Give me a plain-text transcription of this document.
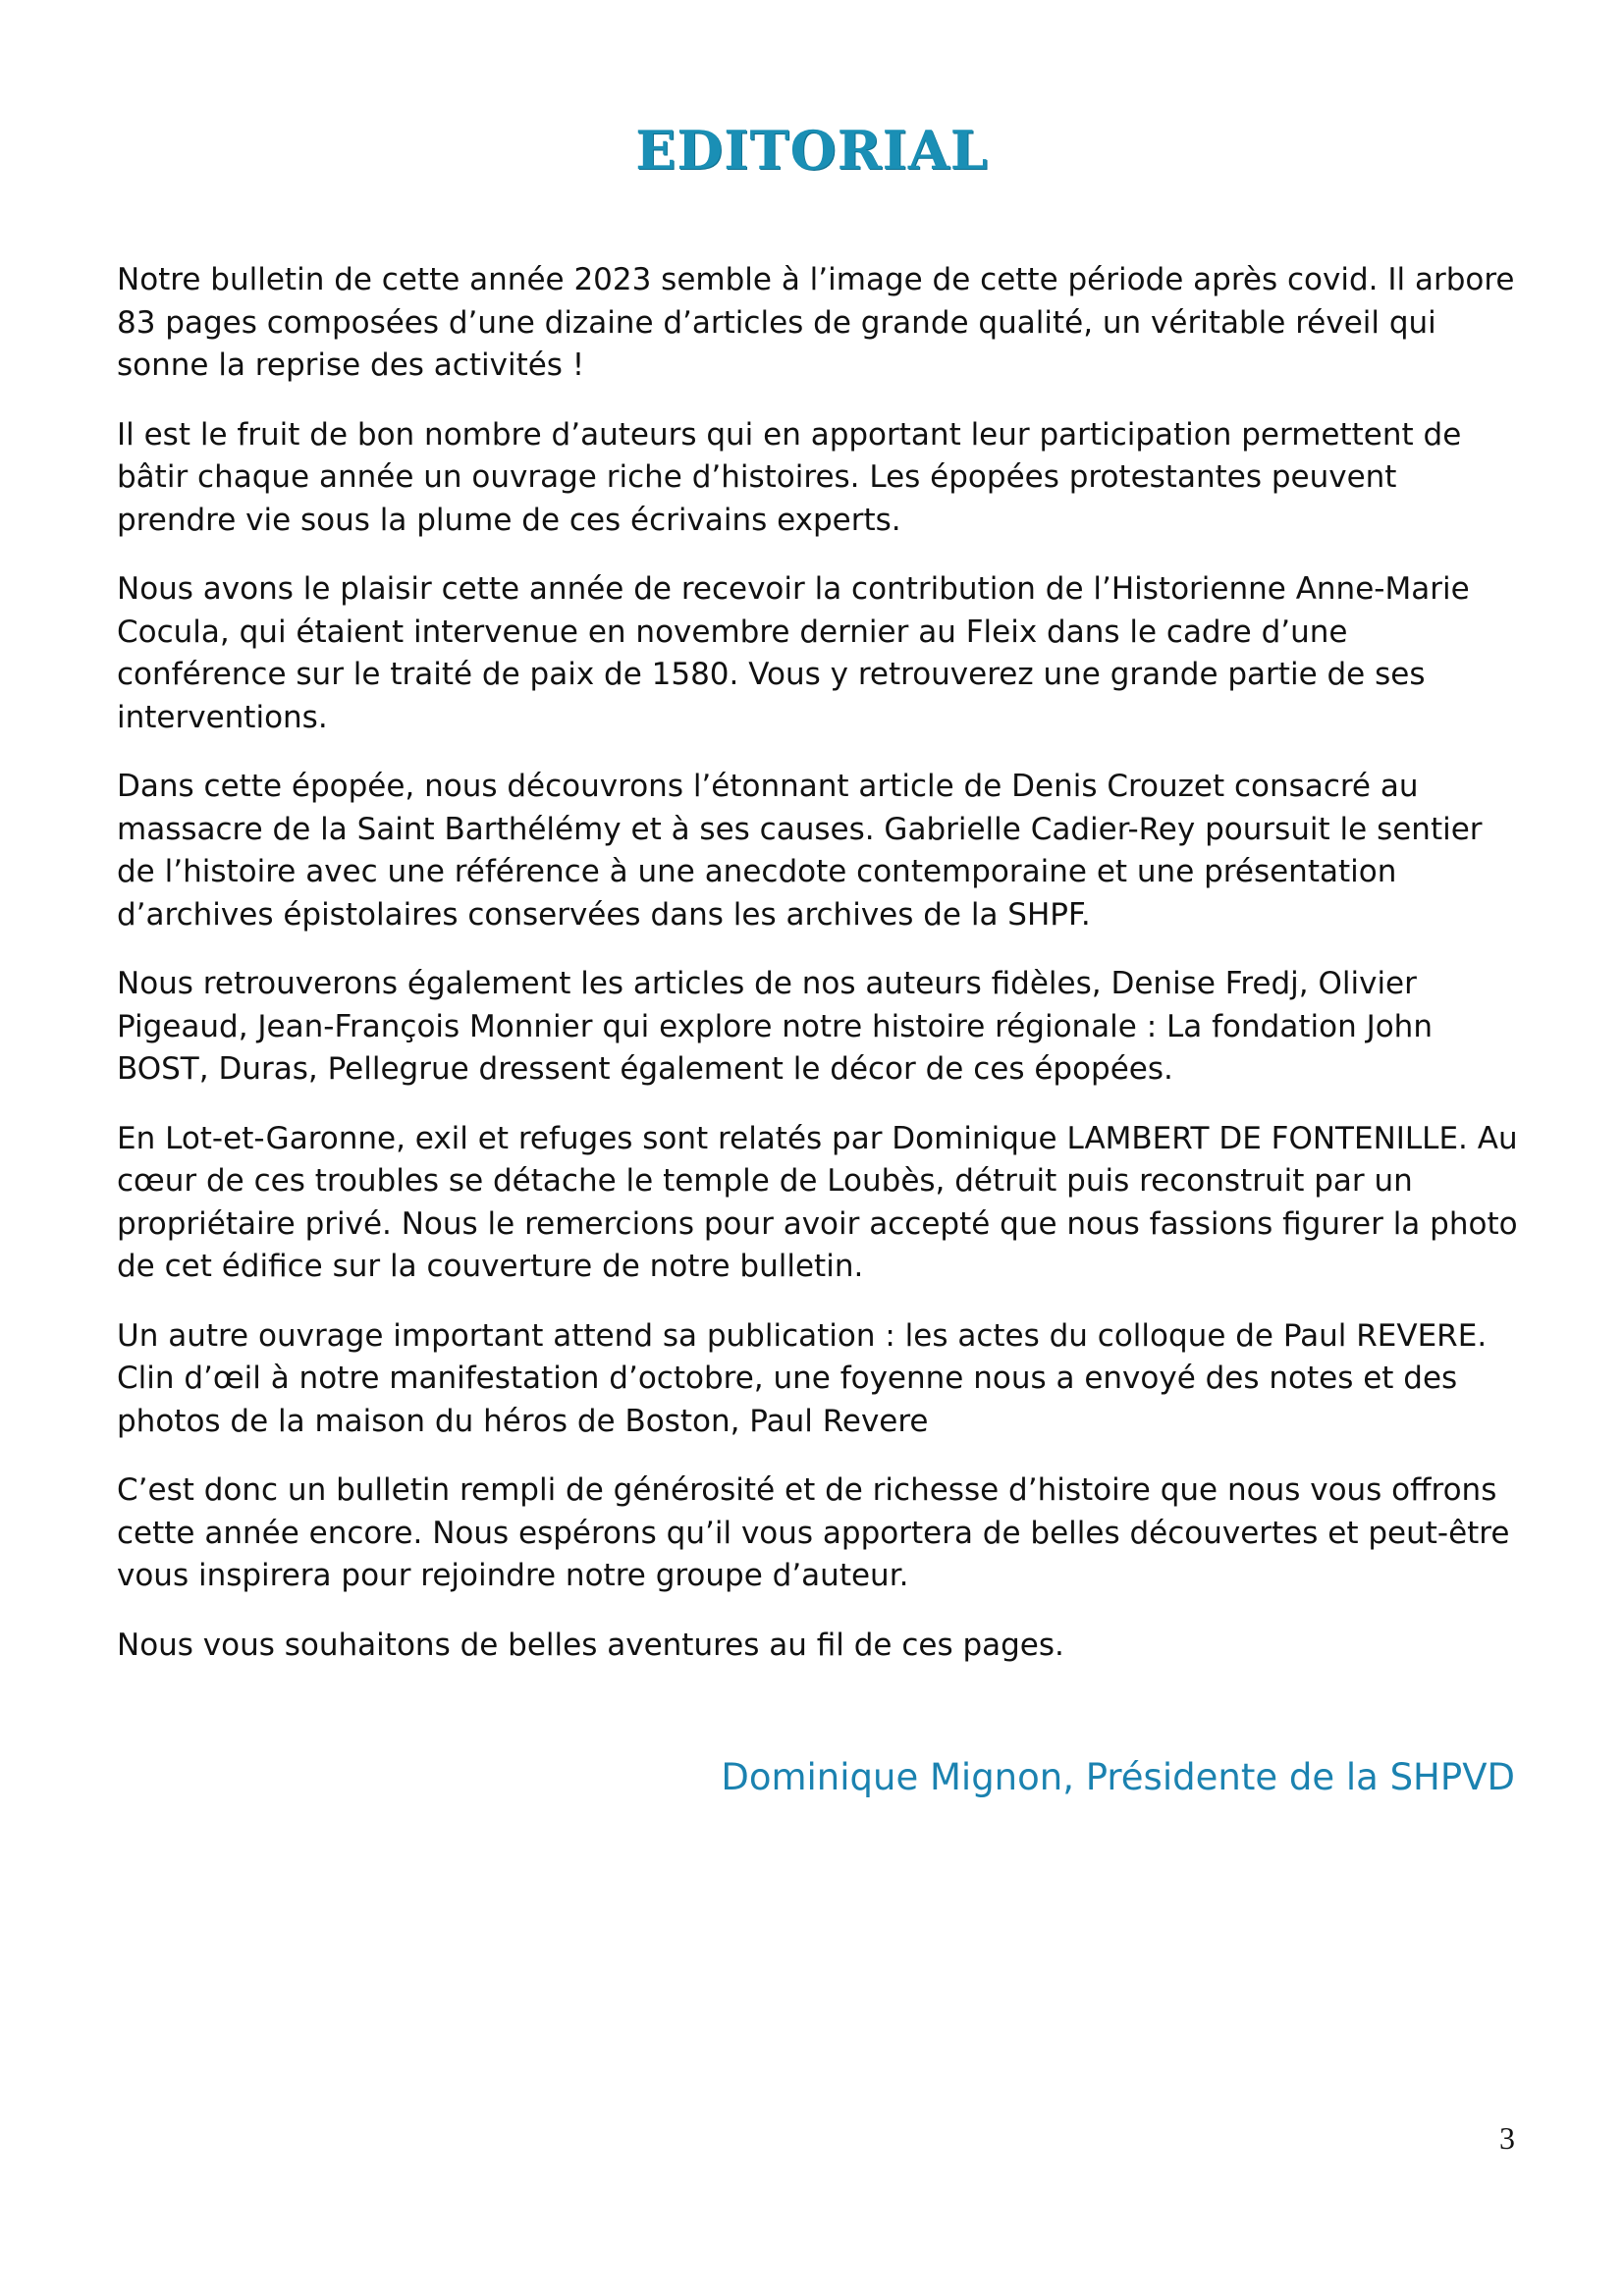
EDITORIAL

Notre bulletin de cette année 2023 semble à l’image de cette période après covid. Il arbore 83 pages composées d’une dizaine d’articles de grande qualité, un véritable réveil qui sonne la reprise des activités !

Il est le fruit de bon nombre d’auteurs qui en apportant leur participation permettent de bâtir chaque année un ouvrage riche d’histoires. Les épopées protestantes peuvent prendre vie sous la plume de ces écrivains experts.

Nous avons le plaisir cette année de recevoir la contribution de l’Historienne Anne-Marie Cocula, qui étaient intervenue en novembre dernier au Fleix dans le cadre d’une conférence sur le traité de paix de 1580. Vous y retrouverez une grande partie de ses interventions.

Dans cette épopée, nous découvrons l’étonnant article de Denis Crouzet consacré au massacre de la Saint Barthélémy et à ses causes. Gabrielle Cadier-Rey poursuit le sentier de l’histoire avec une référence à une anecdote contemporaine et une présentation d’archives épistolaires conservées dans les archives de la SHPF.

Nous retrouverons également les articles de nos auteurs fidèles, Denise Fredj, Olivier Pigeaud, Jean-François Monnier qui explore notre histoire régionale : La fondation John BOST, Duras, Pellegrue dressent également le décor de ces épopées.

En Lot-et-Garonne, exil et refuges sont relatés par Dominique LAMBERT DE FONTENILLE. Au cœur de ces troubles se détache le temple de Loubès, détruit puis reconstruit par un propriétaire privé. Nous le remercions pour avoir accepté que nous fassions figurer la photo de cet édifice sur la couverture de notre bulletin.

Un autre ouvrage important attend sa publication : les actes du colloque de Paul REVERE. Clin d’œil à notre manifestation d’octobre, une foyenne nous a envoyé des notes et des photos de la maison du héros de Boston, Paul Revere

C’est donc un bulletin rempli de générosité et de richesse d’histoire que nous vous offrons cette année encore. Nous espérons qu’il vous apportera de belles découvertes et peut-être vous inspirera pour rejoindre notre groupe d’auteur.

Nous vous souhaitons de belles aventures au fil de ces pages.

Dominique Mignon, Présidente de la SHPVD

3
